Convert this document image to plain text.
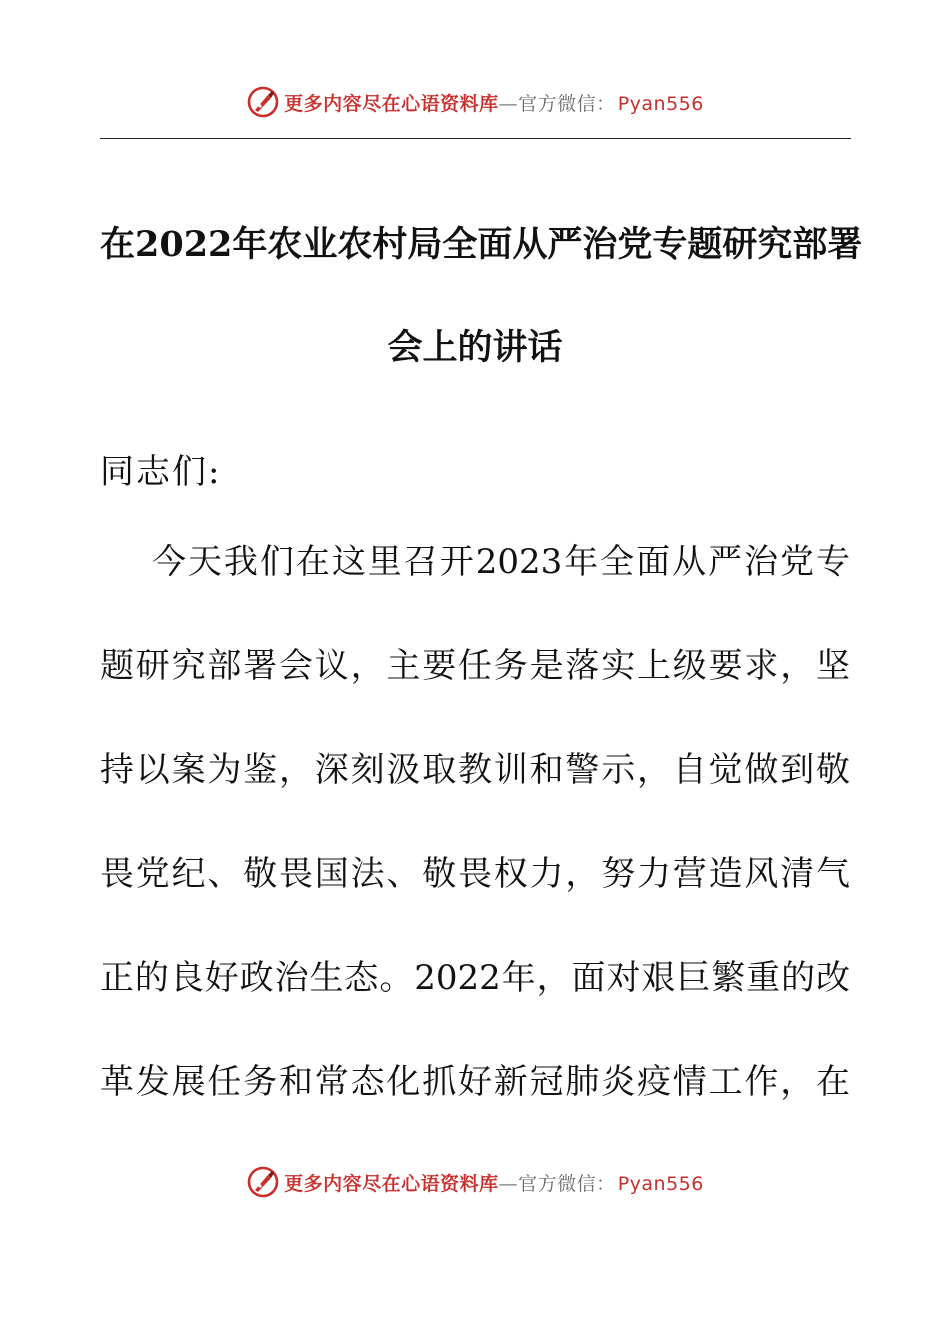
更多内容尽在心语资料库—官方微信： Pyan556
在2022年农业农村局全面从严治党专题研究部署
会上的讲话
同志们:
今天我们在这里召开2023年全面从严治党专
题研究部署会议，主要任务是落实上级要求，坚
持以案为鉴，深刻汲取教训和警示，自觉做到敬
畏党纪、敬畏国法、敬畏权力，努力营造风清气
正的良好政治生态。2022年，面对艰巨繁重的改
革发展任务和常态化抓好新冠肺炎疫情工作，在
更多内容尽在心语资料库—官方微信： Pyan556
